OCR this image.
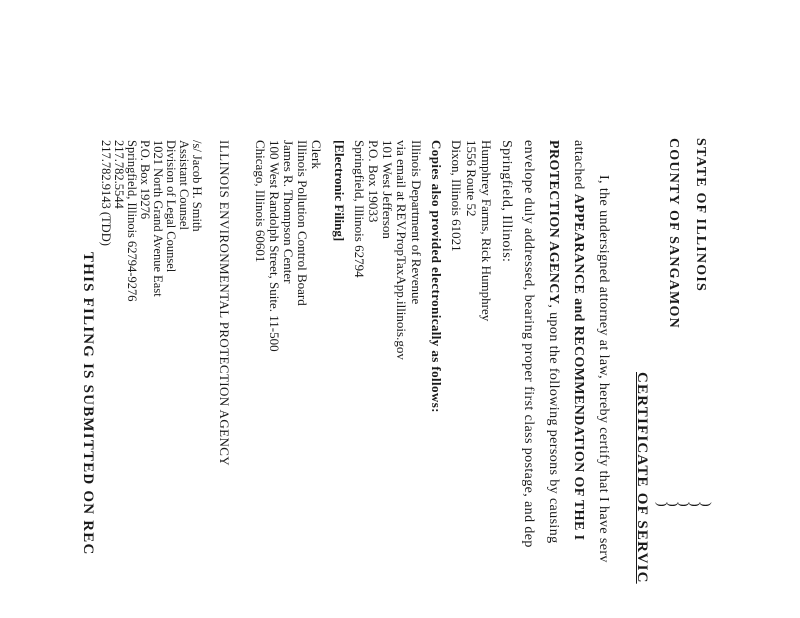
CERTIFICATE OF SERVIC	)
)
)
)
)
STATE OF ILLINOIS
COUNTY OF SANGAMON
I, the undersigned attorney at law, hereby certify that I have serv
attached APPEARANCE and RECOMMENDATION OF THE I
PROTECTION AGENCY, upon the following persons by causing
envelope duly addressed, bearing proper first class postage, and dep
Springfield, Illinois:
Humphrey Farms, Rick Humphrey
1556 Route 52
Dixon, Illinois 61021
Copies also provided electronically as follows:
Illinois Department of Revenue
via email at REV.PropTaxApp.illinois.gov
101 West Jefferson
P.O. Box 19033
Springfield, Illinois 62794
[Electronic Filing]
Clerk
Illinois Pollution Control Board
James R. Thompson Center
100 West Randolph Street, Suite. 11-500
Chicago, Illinois 60601
ILLINOIS ENVIRONMENTAL PROTECTION AGENCY
/s/ Jacob H. Smith
Assistant Counsel
Division of Legal Counsel
1021 North Grand Avenue East
P.O. Box 19276
Springfield, Illinois 62794-9276
217.782.5544
217.782.9143 (TDD)
THIS FILING IS SUBMITTED ON REC
